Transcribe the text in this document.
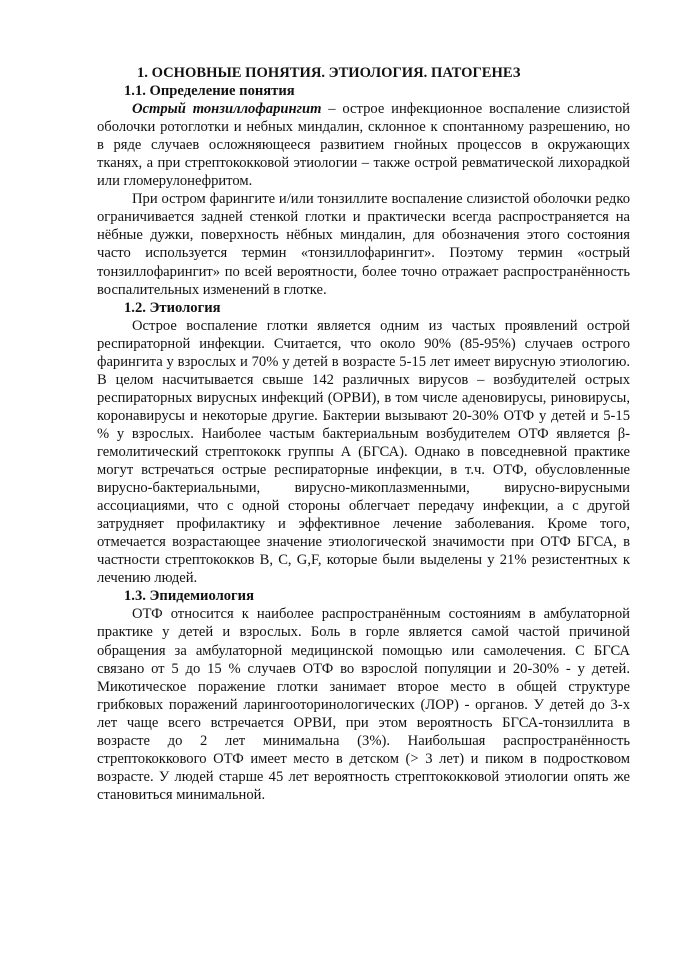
1. ОСНОВНЫЕ ПОНЯТИЯ. ЭТИОЛОГИЯ. ПАТОГЕНЕЗ
1.1. Определение понятия

Острый тонзиллофарингит – острое инфекционное воспаление слизистой оболочки ротоглотки и небных миндалин, склонное к спонтанному разрешению, но в ряде случаев осложняющееся развитием гнойных процессов в окружающих тканях, а при стрептококковой этиологии – также острой ревматической лихорадкой или гломерулонефритом.

При остром фарингите и/или тонзиллите воспаление слизистой оболочки редко ограничивается задней стенкой глотки и практически всегда распространяется на нёбные дужки, поверхность нёбных миндалин, для обозначения этого состояния часто используется термин «тонзиллофарингит». Поэтому термин «острый тонзиллофарингит» по всей вероятности, более точно отражает распространённость воспалительных изменений в глотке.

1.2. Этиология

Острое воспаление глотки является одним из частых проявлений острой респираторной инфекции. Считается, что около 90% (85-95%) случаев острого фарингита у взрослых и 70% у детей в возрасте 5-15 лет имеет вирусную этиологию. В целом насчитывается свыше 142 различных вирусов – возбудителей острых респираторных вирусных инфекций (ОРВИ), в том числе аденовирусы, риновирусы, коронавирусы и некоторые другие. Бактерии вызывают 20-30% ОТФ у детей и 5-15 % у взрослых. Наиболее частым бактериальным возбудителем ОТФ является β-гемолитический стрептококк группы А (БГСА). Однако в повседневной практике могут встречаться острые респираторные инфекции, в т.ч. ОТФ, обусловленные вирусно-бактериальными, вирусно-микоплазменными, вирусно-вирусными ассоциациями, что с одной стороны облегчает передачу инфекции, а с другой затрудняет профилактику и эффективное лечение заболевания. Кроме того, отмечается возрастающее значение этиологической значимости при ОТФ БГСА, в частности стрептококков B, C, G,F, которые были выделены у 21% резистентных к лечению людей.

1.3. Эпидемиология

ОТФ относится к наиболее распространённым состояниям в амбулаторной практике у детей и взрослых. Боль в горле является самой частой причиной обращения за амбулаторной медицинской помощью или самолечения. С БГСА связано от 5 до 15 % случаев ОТФ во взрослой популяции и 20-30% - у детей. Микотическое поражение глотки занимает второе место в общей структуре грибковых поражений ларингооторинологических (ЛОР) - органов. У детей до 3-х лет чаще всего встречается ОРВИ, при этом вероятность БГСА-тонзиллита в возрасте до 2 лет минимальна (3%). Наибольшая распространённость стрептококкового ОТФ имеет место в детском (> 3 лет) и пиком в подростковом возрасте. У людей старше 45 лет вероятность стрептококковой этиологии опять же становиться минимальной.
